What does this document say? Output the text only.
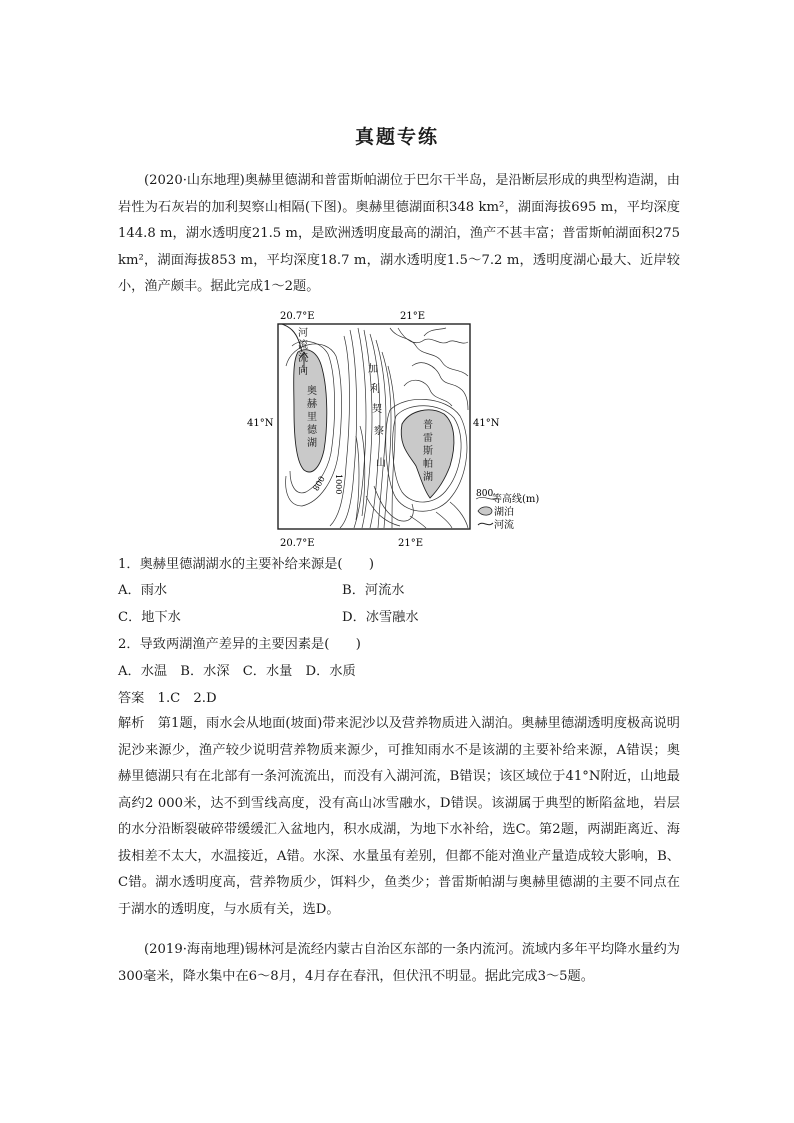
真题专练

(2020·山东地理)奥赫里德湖和普雷斯帕湖位于巴尔干半岛，是沿断层形成的典型构造湖，由岩性为石灰岩的加利契察山相隔(下图)。奥赫里德湖面积348 km²，湖面海拔695 m，平均深度144.8 m，湖水透明度21.5 m，是欧洲透明度最高的湖泊，渔产不甚丰富；普雷斯帕湖面积275 km²，湖面海拔853 m，平均深度18.7 m，湖水透明度1.5～7.2 m，透明度湖心最大、近岸较小，渔产颇丰。据此完成1～2题。

20.7°E	21°E
20.7°E	21°E
41°N	41°N
河
流
流
向
奥
赫
里
德
湖
普
雷
斯
帕
湖
加
利
契
察
山
800 1000	800
等高线(m)
湖泊
河流
1．奥赫里德湖湖水的主要补给来源是(　　)
A．雨水	B．河流水
C．地下水	D．冰雪融水
2．导致两湖渔产差异的主要因素是(　　)
A．水温　B．水深　C．水量　D．水质
答案　1.C　2.D

解析　第1题，雨水会从地面(坡面)带来泥沙以及营养物质进入湖泊。奥赫里德湖透明度极高说明泥沙来源少，渔产较少说明营养物质来源少，可推知雨水不是该湖的主要补给来源，A错误；奥赫里德湖只有在北部有一条河流流出，而没有入湖河流，B错误；该区域位于41°N附近，山地最高约2 000米，达不到雪线高度，没有高山冰雪融水，D错误。该湖属于典型的断陷盆地，岩层的水分沿断裂破碎带缓缓汇入盆地内，积水成湖，为地下水补给，选C。第2题，两湖距离近、海拔相差不太大，水温接近，A错。水深、水量虽有差别，但都不能对渔业产量造成较大影响，B、C错。湖水透明度高，营养物质少，饵料少，鱼类少；普雷斯帕湖与奥赫里德湖的主要不同点在于湖水的透明度，与水质有关，选D。

(2019·海南地理)锡林河是流经内蒙古自治区东部的一条内流河。流域内多年平均降水量约为300毫米，降水集中在6～8月，4月存在春汛，但伏汛不明显。据此完成3～5题。
